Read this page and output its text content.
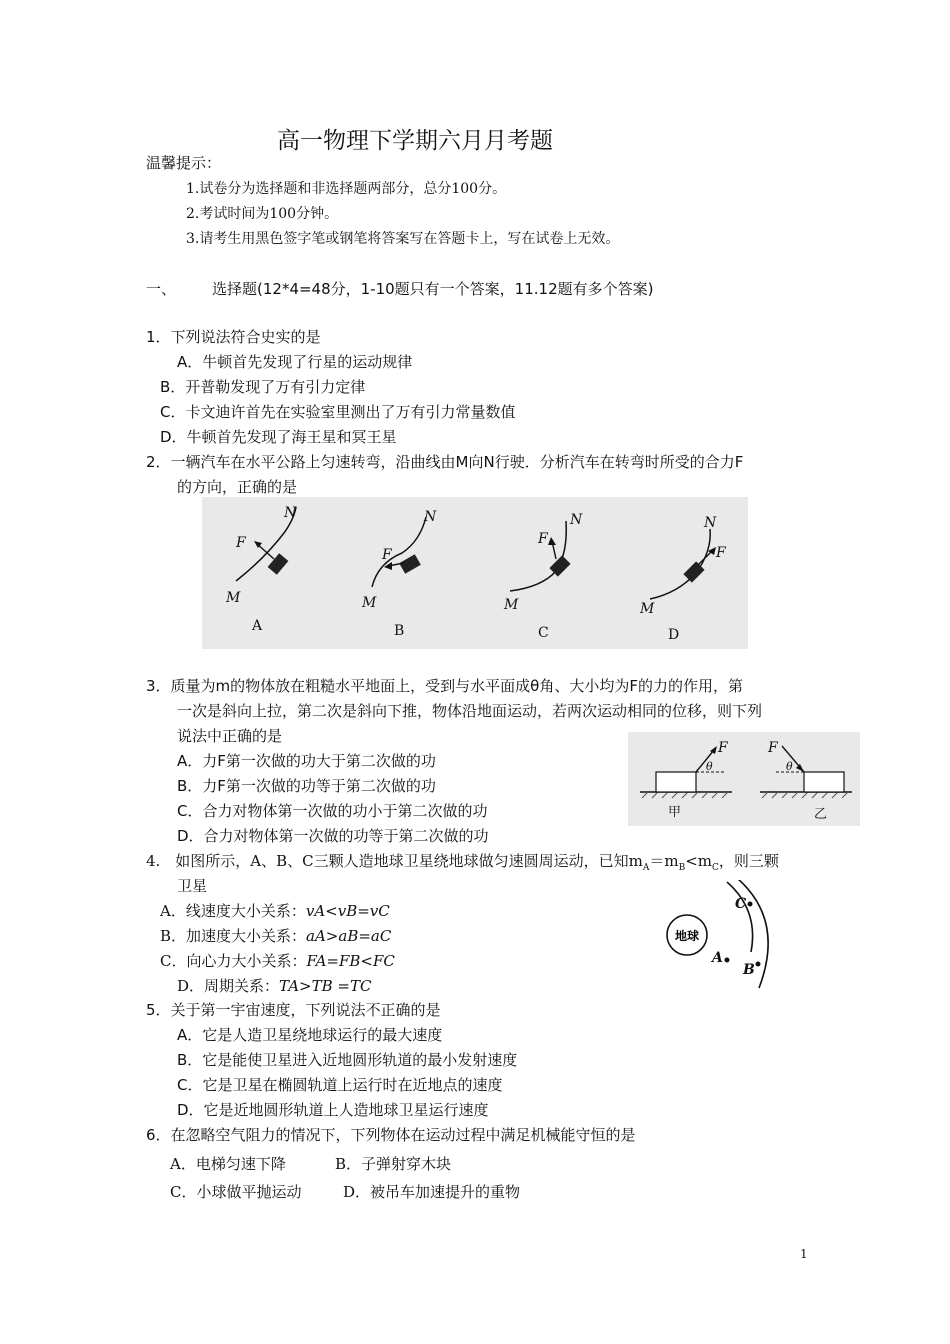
高一物理下学期六月月考题
温馨提示：
1.试卷分为选择题和非选择题两部分，总分100分。
2.考试时间为100分钟。
3.请考生用黑色签字笔或钢笔将答案写在答题卡上，写在试卷上无效。
一、 选择题(12*4=48分，1-10题只有一个答案，11.12题有多个答案)
1．下列说法符合史实的是
A．牛顿首先发现了行星的运动规律
B．开普勒发现了万有引力定律
C．卡文迪许首先在实验室里测出了万有引力常量数值
D．牛顿首先发现了海王星和冥王星
2．一辆汽车在水平公路上匀速转弯，沿曲线由M向N行驶．分析汽车在转弯时所受的合力F
的方向，正确的是
F
N
M
A
F
N
M
B
F
N
M
C
F
N
M
D
3．质量为m的物体放在粗糙水平地面上，受到与水平面成θ角、大小均为F的力的作用，第
一次是斜向上拉，第二次是斜向下推，物体沿地面运动，若两次运动相同的位移，则下列
说法中正确的是
A．力F第一次做的功大于第二次做的功
B．力F第一次做的功等于第二次做的功
C．合力对物体第一次做的功小于第二次做的功
D．合力对物体第一次做的功等于第二次做的功
F
θ
甲
F
θ
乙
4.　如图所示，A、B、C三颗人造地球卫星绕地球做匀速圆周运动，已知$m_A=m_B<m_C$，则三颗
卫星
A．线速度大小关系：vA<vB=vC
B．加速度大小关系：aA>aB=aC
C．向心力大小关系：FA=FB<FC
D．周期关系：TA>TB =TC
地球
C
A
B
5．关于第一宇宙速度，下列说法不正确的是
A．它是人造卫星绕地球运行的最大速度
B．它是能使卫星进入近地圆形轨道的最小发射速度
C．它是卫星在椭圆轨道上运行时在近地点的速度
D．它是近地圆形轨道上人造地球卫星运行速度
6．在忽略空气阻力的情况下，下列物体在运动过程中满足机械能守恒的是
A．电梯匀速下降	B．子弹射穿木块
C．小球做平抛运动	D．被吊车加速提升的重物
1
